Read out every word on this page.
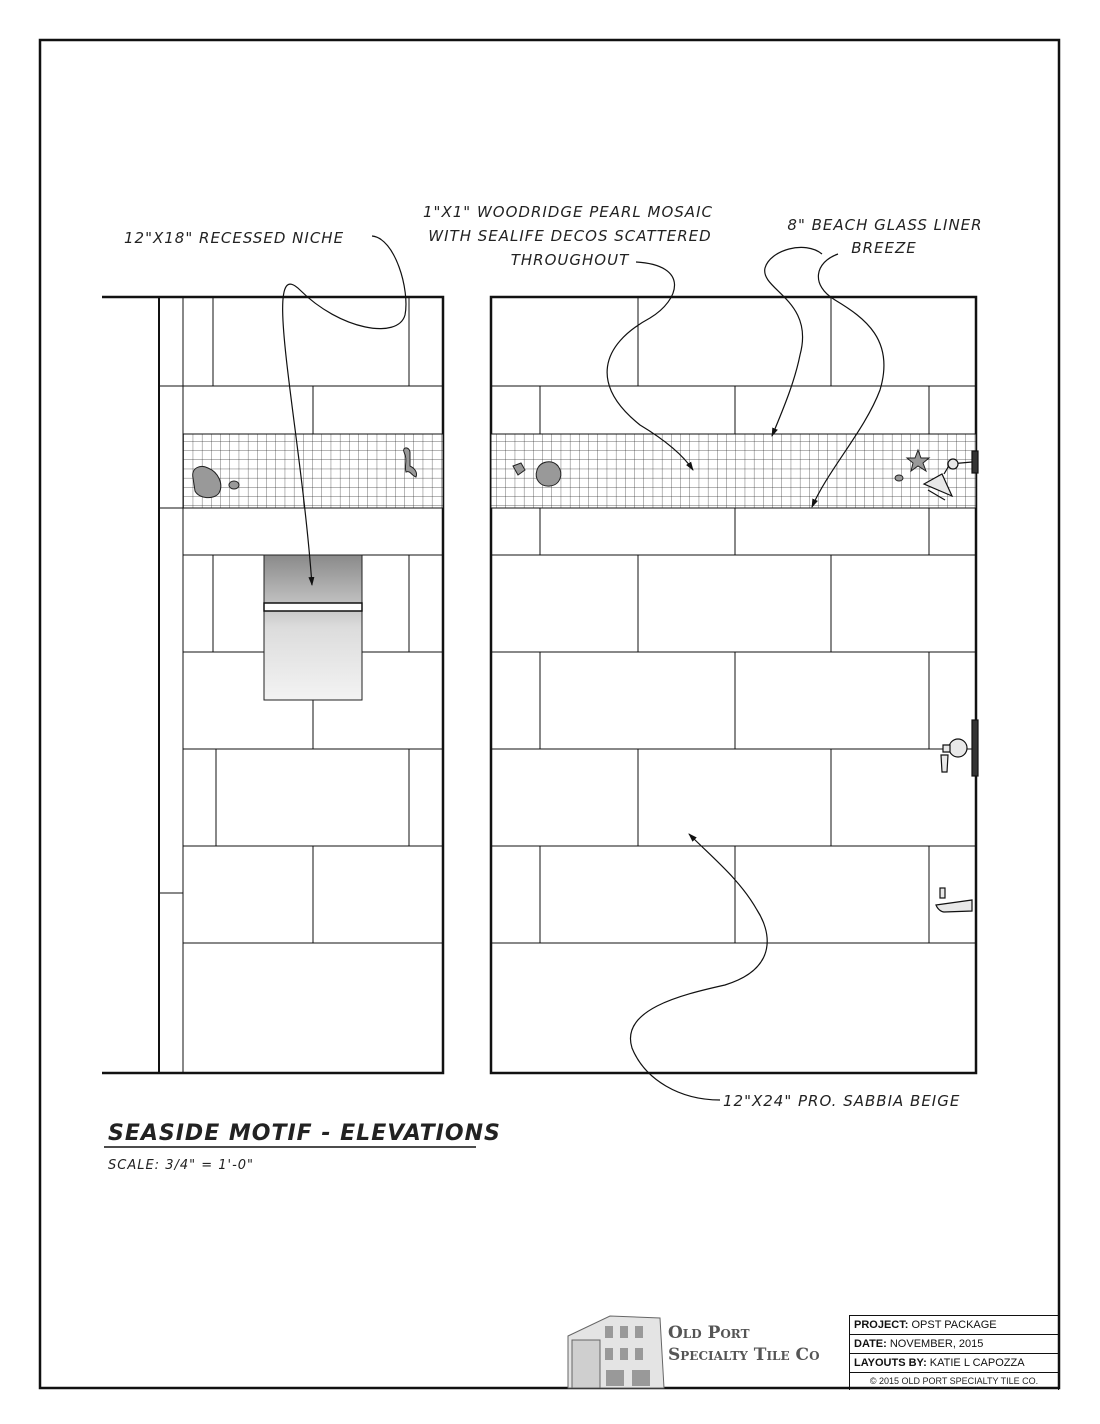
12"X18" RECESSED NICHE
1"X1" WOODRIDGE PEARL MOSAIC
WITH SEALIFE DECOS SCATTERED
THROUGHOUT
8" BEACH GLASS LINER
BREEZE
12"X24" PRO. SABBIA BEIGE
SEASIDE MOTIF - ELEVATIONS
SCALE: 3/4" = 1'-0"
Old Port
Specialty Tile Co
PROJECT: OPST PACKAGE
DATE: NOVEMBER, 2015
LAYOUTS BY: KATIE L CAPOZZA
© 2015 OLD PORT SPECIALTY TILE CO.
